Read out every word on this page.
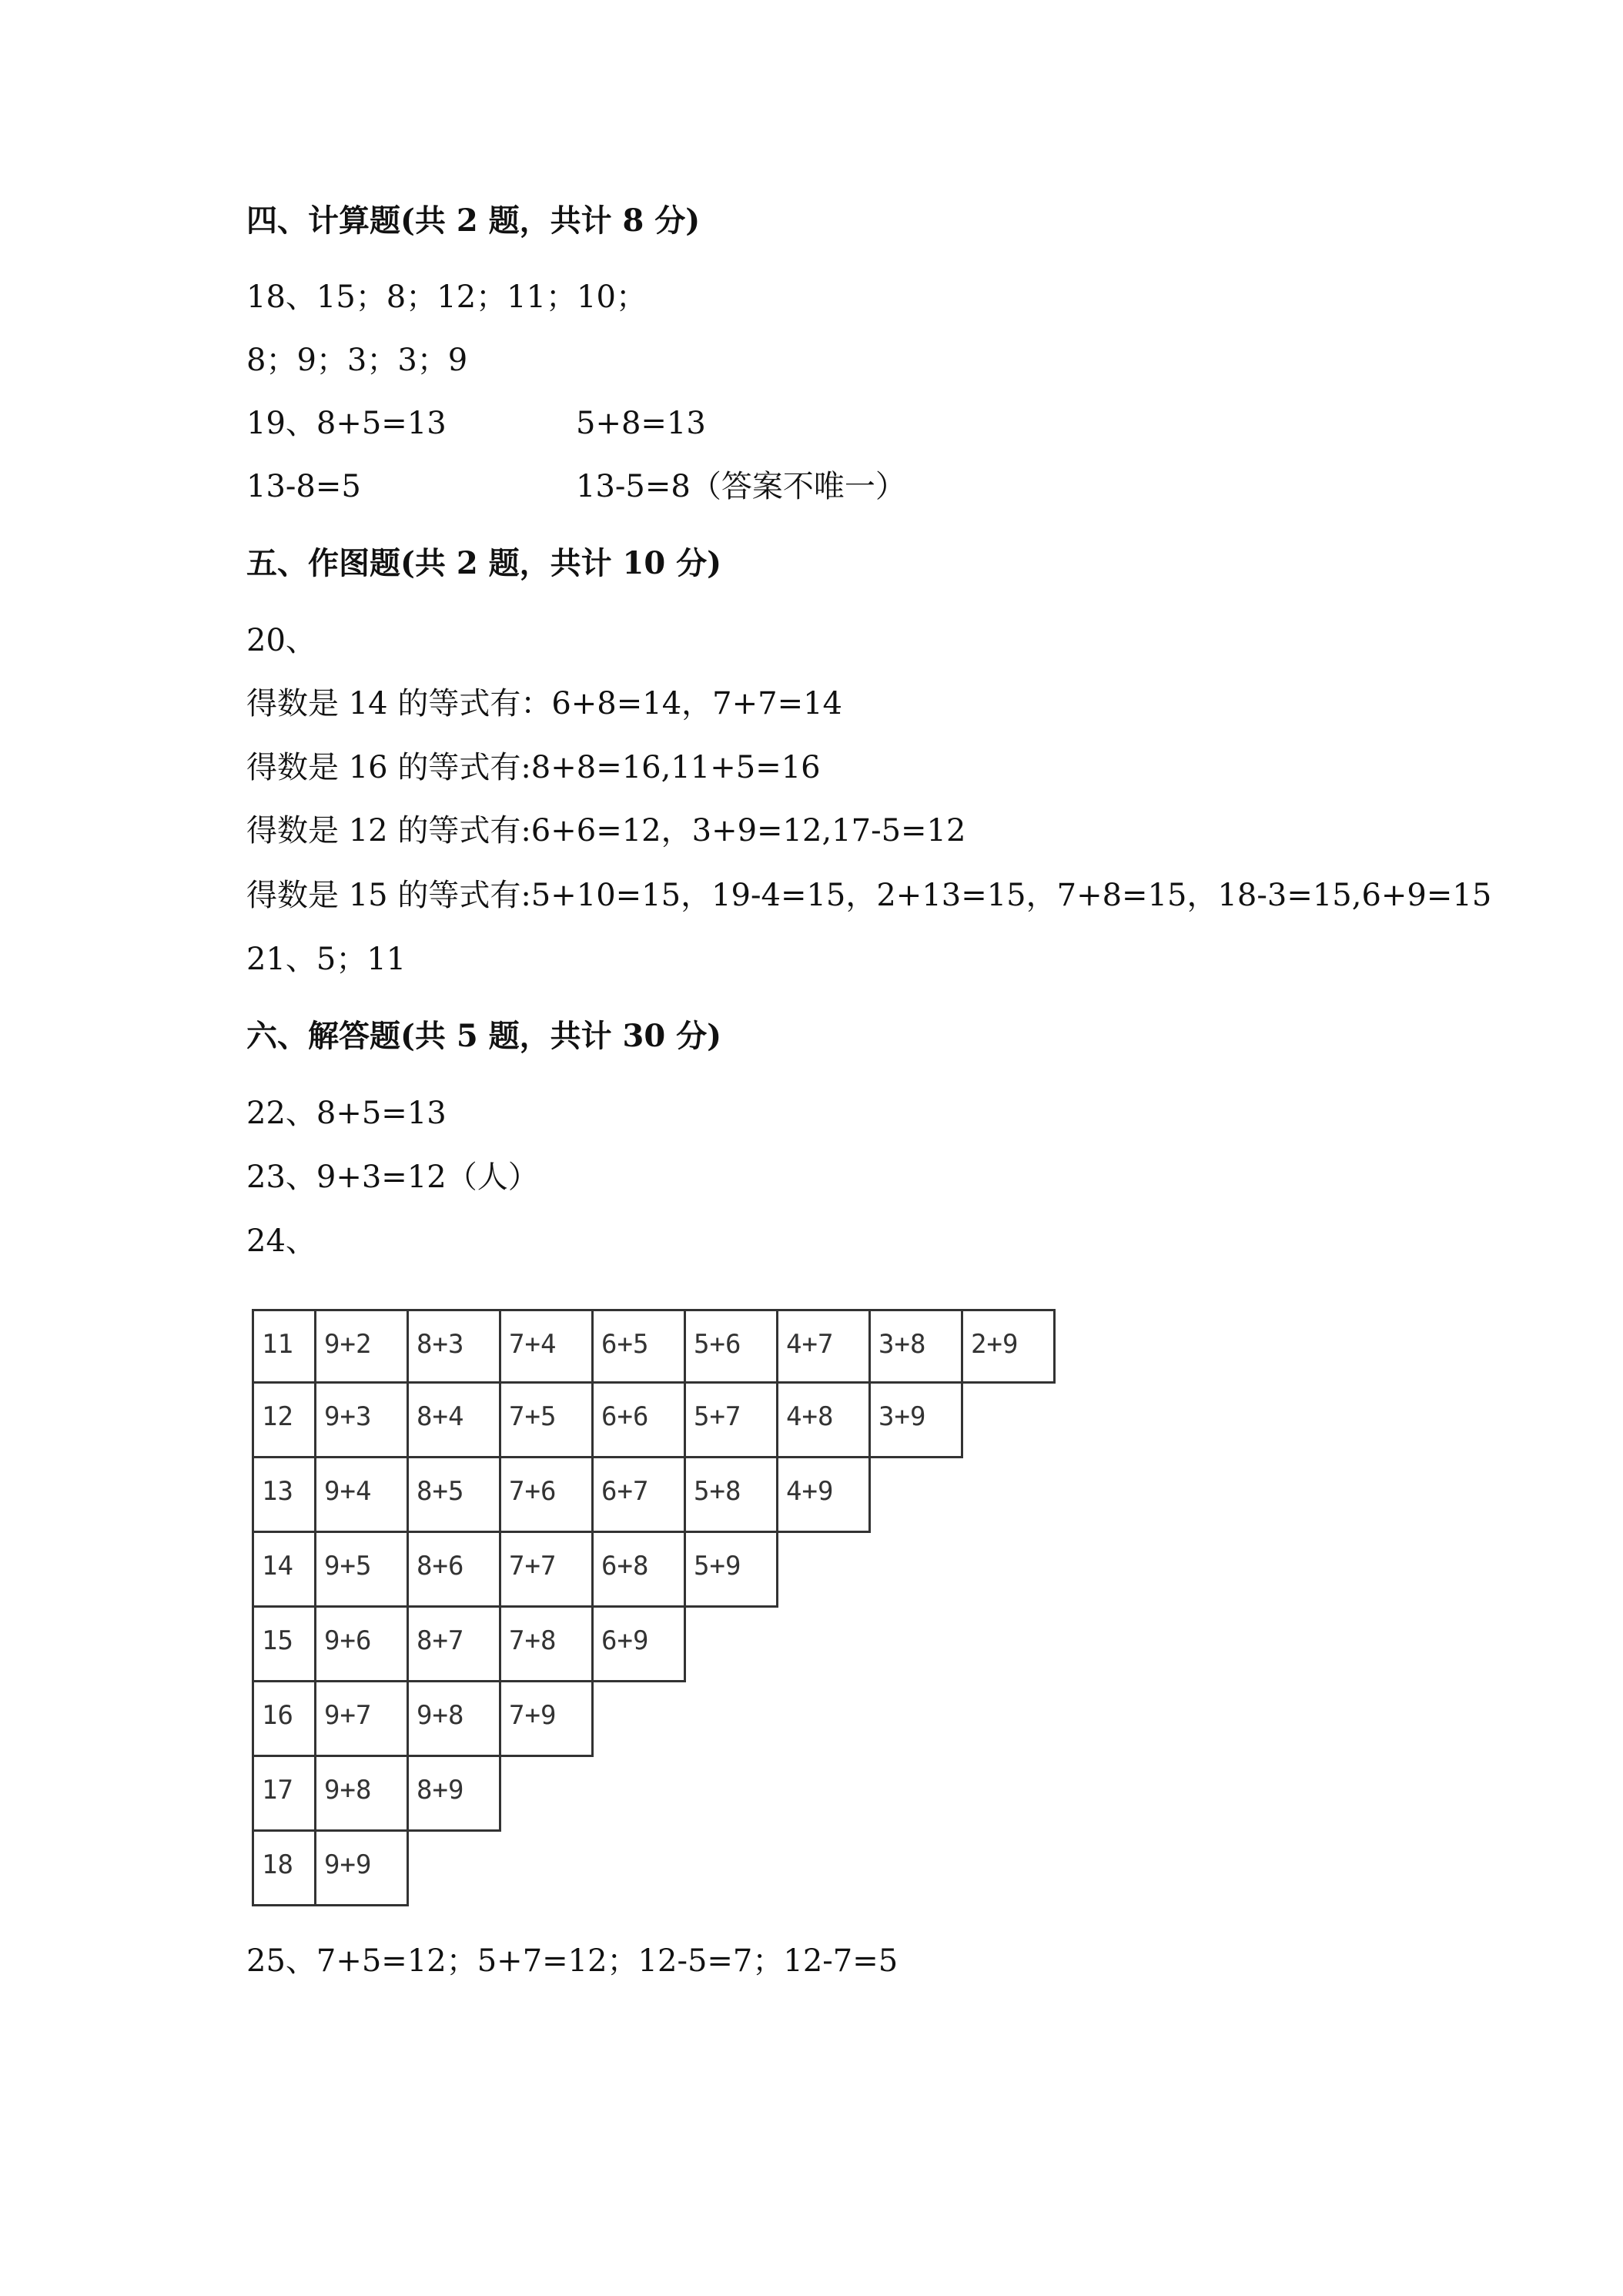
四、计算题(共 2 题，共计 8 分)
18、15；8；12；11；10；
8；9；3；3；9
19、8+5=13	5+8=13
13-8=5	13-5=8（答案不唯一）
五、作图题(共 2 题，共计 10 分)
20、
得数是 14 的等式有：6+8=14，7+7=14
得数是 16 的等式有:8+8=16,11+5=16
得数是 12 的等式有:6+6=12，3+9=12,17-5=12
得数是 15 的等式有:5+10=15，19-4=15，2+13=15，7+8=15，18-3=15,6+9=15
21、5；11
六、解答题(共 5 题，共计 30 分)
22、8+5=13
23、9+3=12（人）
24、
11	9+2	8+3	7+4	6+5	5+6	4+7	3+8	2+9
12	9+3	8+4	7+5	6+6	5+7	4+8	3+9
13	9+4	8+5	7+6	6+7	5+8	4+9
14	9+5	8+6	7+7	6+8	5+9
15	9+6	8+7	7+8	6+9
16	9+7	9+8	7+9
17	9+8	8+9
18	9+9
25、7+5=12；5+7=12；12-5=7；12-7=5
